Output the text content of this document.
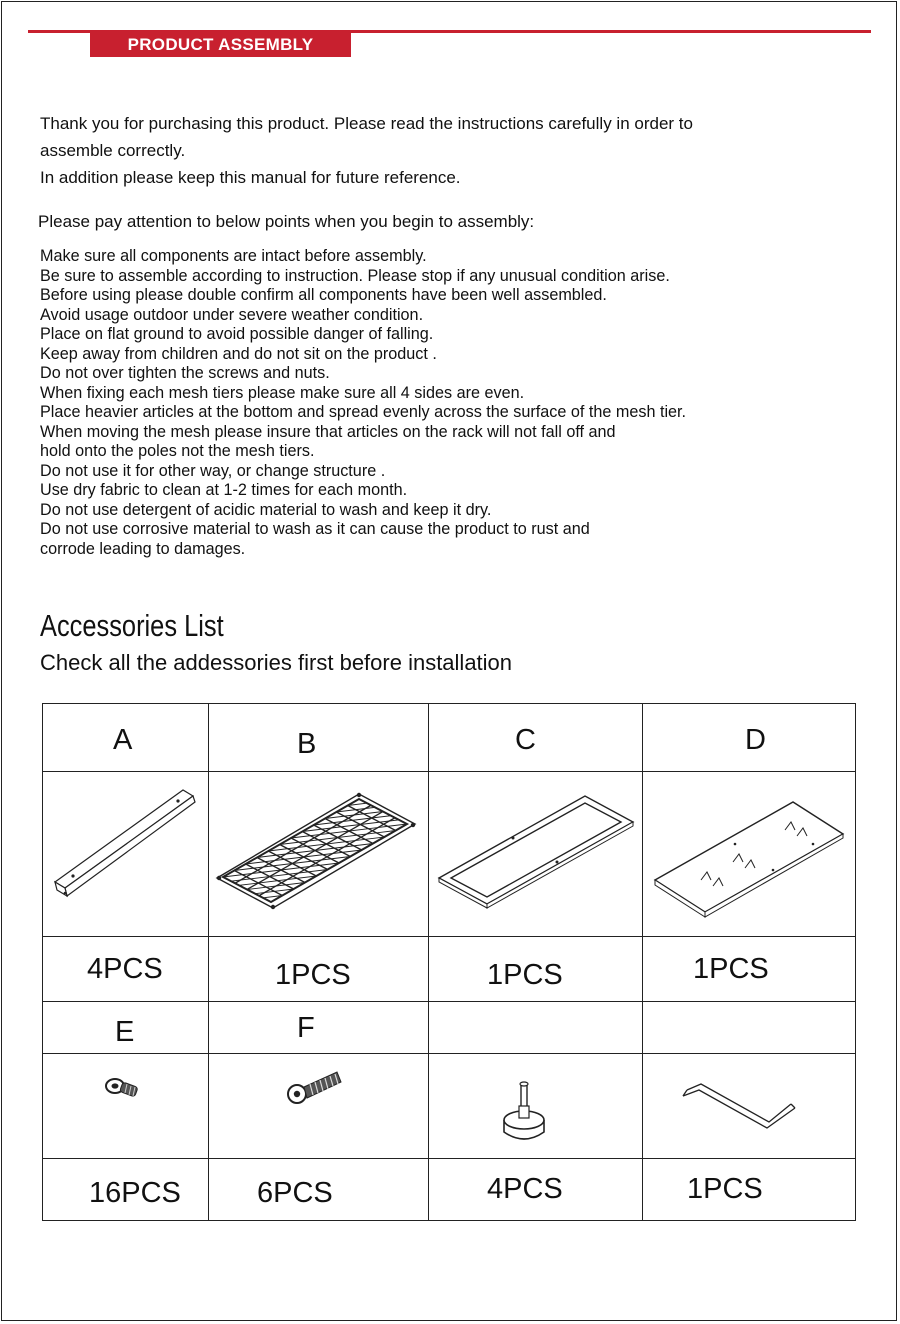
PRODUCT ASSEMBLY

Thank you for purchasing this product. Please read the instructions carefully in order to

assemble correctly.

In addition please keep this manual for future reference.

Please pay attention to below points when you begin to assembly:

Make sure all components are intact before assembly.
Be sure to assemble according to instruction. Please stop if any unusual condition arise.
Before using please double confirm all components have been well assembled.
Avoid usage outdoor under severe weather condition.
Place on flat ground to avoid possible danger of falling.
Keep away from children and do not sit on the product .
Do not over tighten the screws and nuts.
When fixing each mesh tiers please make sure all 4 sides are even.
Place heavier articles at the bottom and spread evenly across the surface of the mesh tier.
When moving the mesh please insure that articles on the rack will not fall off and
hold onto the poles not the mesh tiers.
Do not use it for other way, or change structure .
Use dry fabric to clean at 1-2 times for each month.
Do not use detergent of acidic material to wash and keep it dry.
Do not use corrosive material to wash as it can cause the product to rust and
corrode leading to damages.
Accessories List

Check all the addessories first before installation

A	B	C	D

4PCS	1PCS	1PCS	1PCS

E	F		

16PCS	6PCS	4PCS	1PCS
